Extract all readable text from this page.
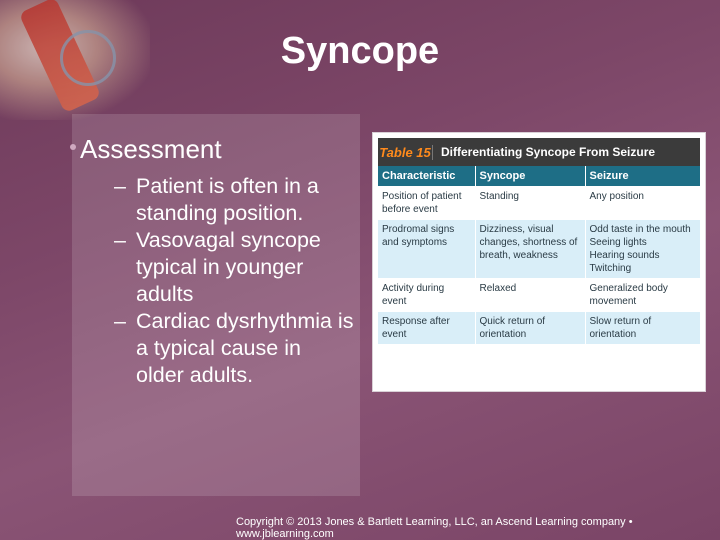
Syncope
Assessment
– Patient is often in a standing position.
– Vasovagal syncope typical in younger adults
– Cardiac dysrhythmia is a typical cause in older adults.
Table 15 Differentiating Syncope From Seizure
Characteristic	Syncope	Seizure
Position of patient before event	Standing	Any position
Prodromal signs and symptoms	Dizziness, visual changes, shortness of breath, weakness	Odd taste in the mouth
Seeing lights
Hearing sounds
Twitching
Activity during event	Relaxed	Generalized body movement
Response after event	Quick return of orientation	Slow return of orientation
Copyright © 2013 Jones & Bartlett Learning, LLC, an Ascend Learning company • www.jblearning.com
